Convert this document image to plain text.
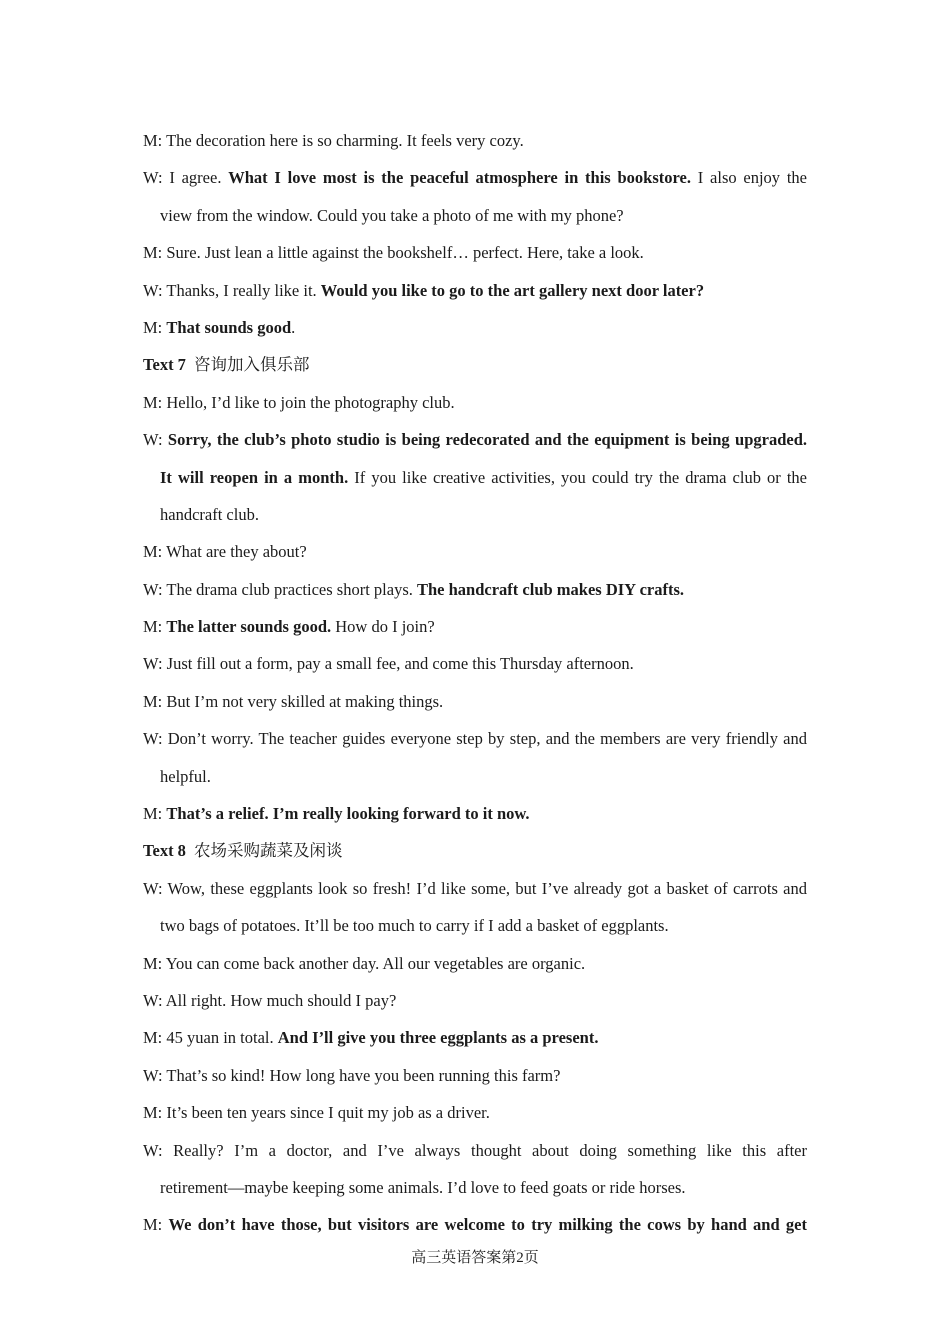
M: The decoration here is so charming. It feels very cozy.
W: I agree. What I love most is the peaceful atmosphere in this bookstore. I also enjoy the
view from the window. Could you take a photo of me with my phone?
M: Sure. Just lean a little against the bookshelf… perfect. Here, take a look.
W: Thanks, I really like it. Would you like to go to the art gallery next door later?
M: That sounds good.
Text 7 咨询加入俱乐部
M: Hello, I’d like to join the photography club.
W: Sorry, the club’s photo studio is being redecorated and the equipment is being upgraded.
It will reopen in a month. If you like creative activities, you could try the drama club or the
handcraft club.
M: What are they about?
W: The drama club practices short plays. The handcraft club makes DIY crafts.
M: The latter sounds good. How do I join?
W: Just fill out a form, pay a small fee, and come this Thursday afternoon.
M: But I’m not very skilled at making things.
W: Don’t worry. The teacher guides everyone step by step, and the members are very friendly and
helpful.
M: That’s a relief. I’m really looking forward to it now.
Text 8 农场采购蔬菜及闲谈
W: Wow, these eggplants look so fresh! I’d like some, but I’ve already got a basket of carrots and
two bags of potatoes. It’ll be too much to carry if I add a basket of eggplants.
M: You can come back another day. All our vegetables are organic.
W: All right. How much should I pay?
M: 45 yuan in total. And I’ll give you three eggplants as a present.
W: That’s so kind! How long have you been running this farm?
M: It’s been ten years since I quit my job as a driver.
W: Really? I’m a doctor, and I’ve always thought about doing something like this after
retirement—maybe keeping some animals. I’d love to feed goats or ride horses.
M: We don’t have those, but visitors are welcome to try milking the cows by hand and get
高三英语答案第2页
